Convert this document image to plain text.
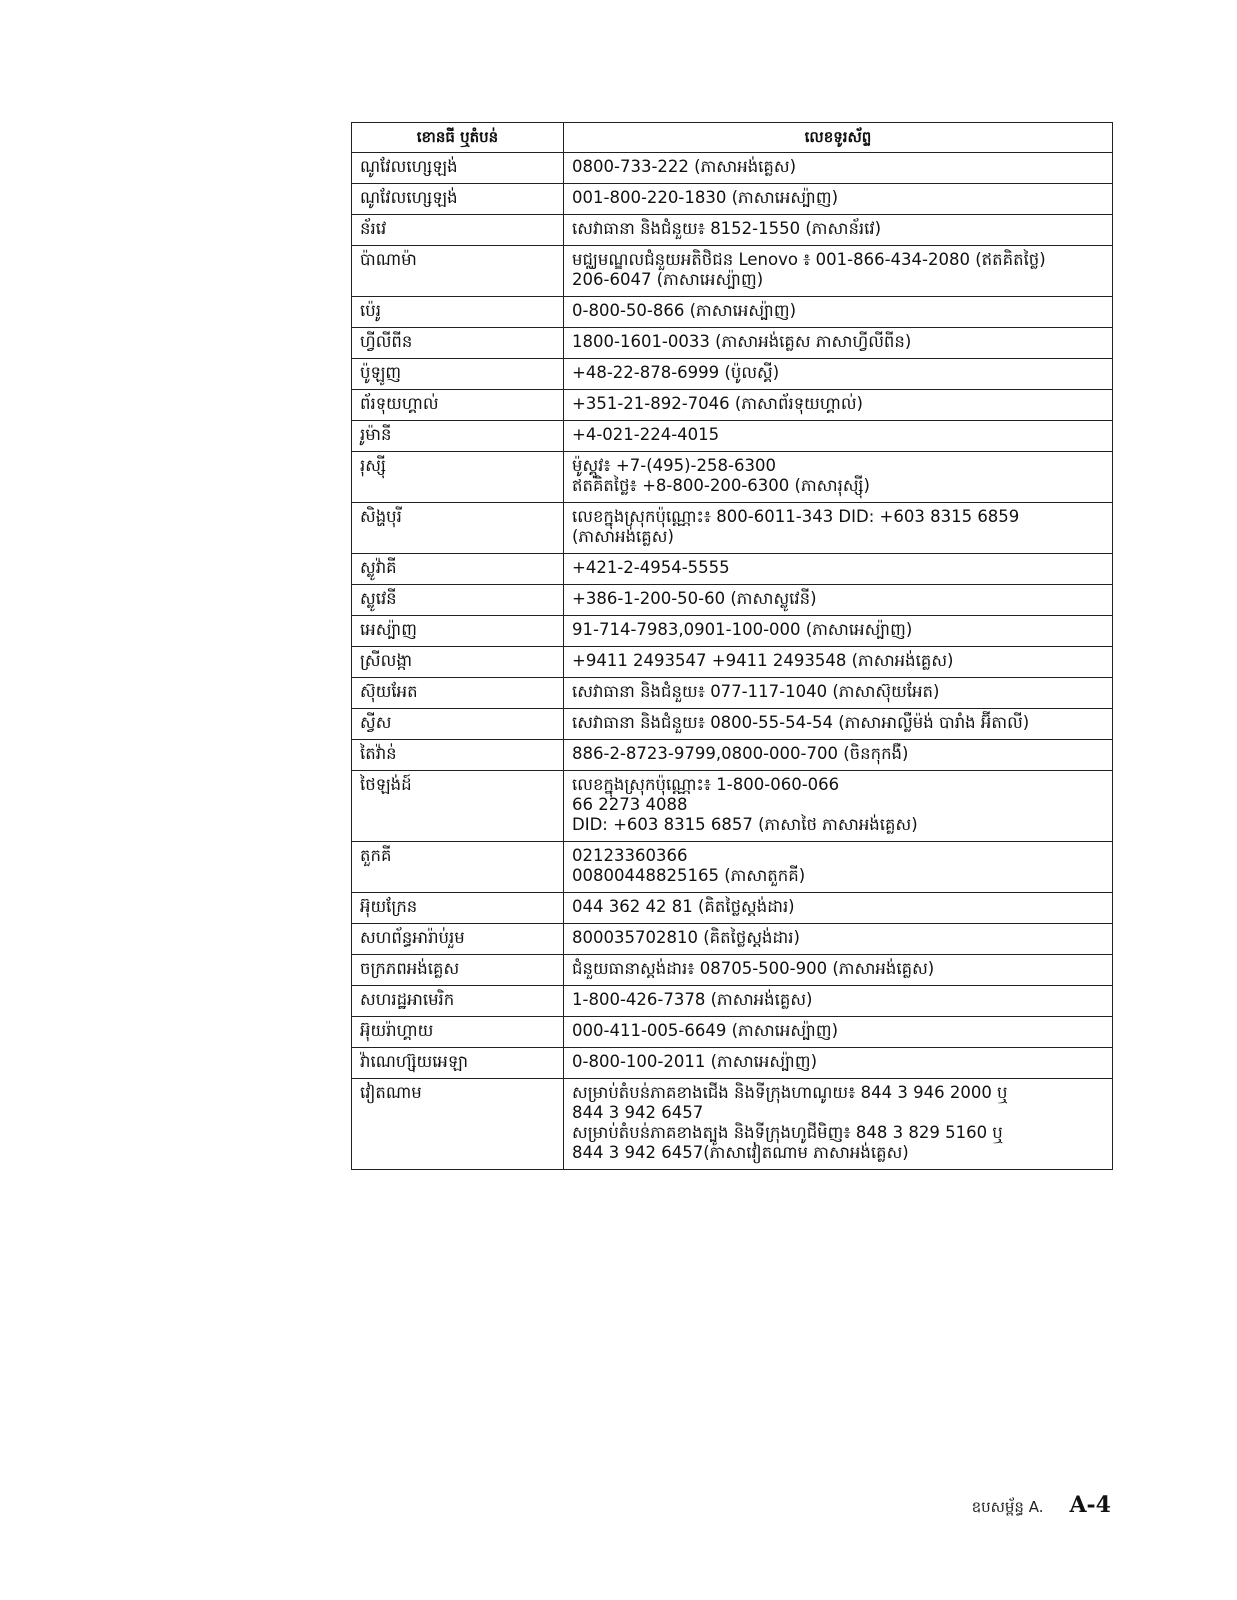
ខោនធី ឬតំបន់	លេខទូរស័ព្ទ
ណូវែលហ្សេឡង់	0800-733-222 (ភាសាអង់គ្លេស)
ណូវែលហ្សេឡង់	001-800-220-1830 (ភាសាអេស្ប៉ាញ)
ន័រវេ	សេវាធានា និងជំនួយ៖ 8152-1550 (ភាសាន័រវេ)
ប៉ាណាម៉ា	មជ្ឈមណ្ឌលជំនួយអតិថិជន Lenovo ៖ 001-866-434-2080 (ឥតគិតថ្លៃ)
206-6047 (ភាសាអេស្ប៉ាញ)
ប៉េរូ	0-800-50-866 (ភាសាអេស្ប៉ាញ)
ហ្វីលីពីន	1800-1601-0033 (ភាសាអង់គ្លេស ភាសាហ្វីលីពីន)
ប៉ូឡូញ	+48-22-878-6999 (ប៉ូលស្គី)
ព័រទុយហ្គាល់	+351-21-892-7046 (ភាសាព័រទុយហ្គាល់)
រូម៉ានី	+4-021-224-4015
រុស្ស៊ី	ម៉ូស្គូវ៖ +7-(495)-258-6300
ឥតគិតថ្លៃ៖ +8-800-200-6300 (ភាសារុស្ស៊ី)
សិង្ហបុរី	លេខក្នុងស្រុកប៉ុណ្ណោះ៖ 800-6011-343 DID: +603 8315 6859
(ភាសាអង់គ្លេស)
ស្លូវ៉ាគី	+421-2-4954-5555
ស្លូវេនី	+386-1-200-50-60 (ភាសាស្លូវេនី)
អេស្ប៉ាញ	91-714-7983,0901-100-000 (ភាសាអេស្ប៉ាញ)
ស្រីលង្កា	+9411 2493547 +9411 2493548 (ភាសាអង់គ្លេស)
ស៊ុយអែត	សេវាធានា និងជំនួយ៖ 077-117-1040 (ភាសាស៊ុយអែត)
ស្វីស	សេវាធានា និងជំនួយ៖ 0800-55-54-54 (ភាសាអាល្លឺម៉ង់ បារាំង អ៊ីតាលី)
តៃវ៉ាន់	886-2-8723-9799,0800-000-700 (ចិនកុកងឺ)
ថៃឡង់ដ៍	លេខក្នុងស្រុកប៉ុណ្ណោះ៖ 1-800-060-066
66 2273 4088
DID: +603 8315 6857 (ភាសាថៃ ភាសាអង់គ្លេស)
តួកគី	02123360366
00800448825165 (ភាសាតួកគី)
អ៊ុយក្រែន	044 362 42 81 (គិតថ្លៃស្តង់ដារ)
សហព័ន្ធអារ៉ាប់រួម	800035702810 (គិតថ្លៃស្តង់ដារ)
ចក្រភពអង់គ្លេស	ជំនួយធានាស្តង់ដារ៖ 08705-500-900 (ភាសាអង់គ្លេស)
សហរដ្ឋអាមេរិក	1-800-426-7378 (ភាសាអង់គ្លេស)
អ៊ុយរ៉ាហ្គាយ	000-411-005-6649 (ភាសាអេស្ប៉ាញ)
វ៉ាណេហ្ស៊ុយអេឡា	0-800-100-2011 (ភាសាអេស្ប៉ាញ)
វៀតណាម	សម្រាប់តំបន់ភាគខាងជើង និងទីក្រុងហាណូយ៖ 844 3 946 2000 ឬ
844 3 942 6457
សម្រាប់តំបន់ភាគខាងត្បូង និងទីក្រុងហូជីមិញ៖ 848 3 829 5160 ឬ
844 3 942 6457(ភាសាវៀតណាម ភាសាអង់គ្លេស)
ឧបសម្ព័ន្ធ A. A-4
